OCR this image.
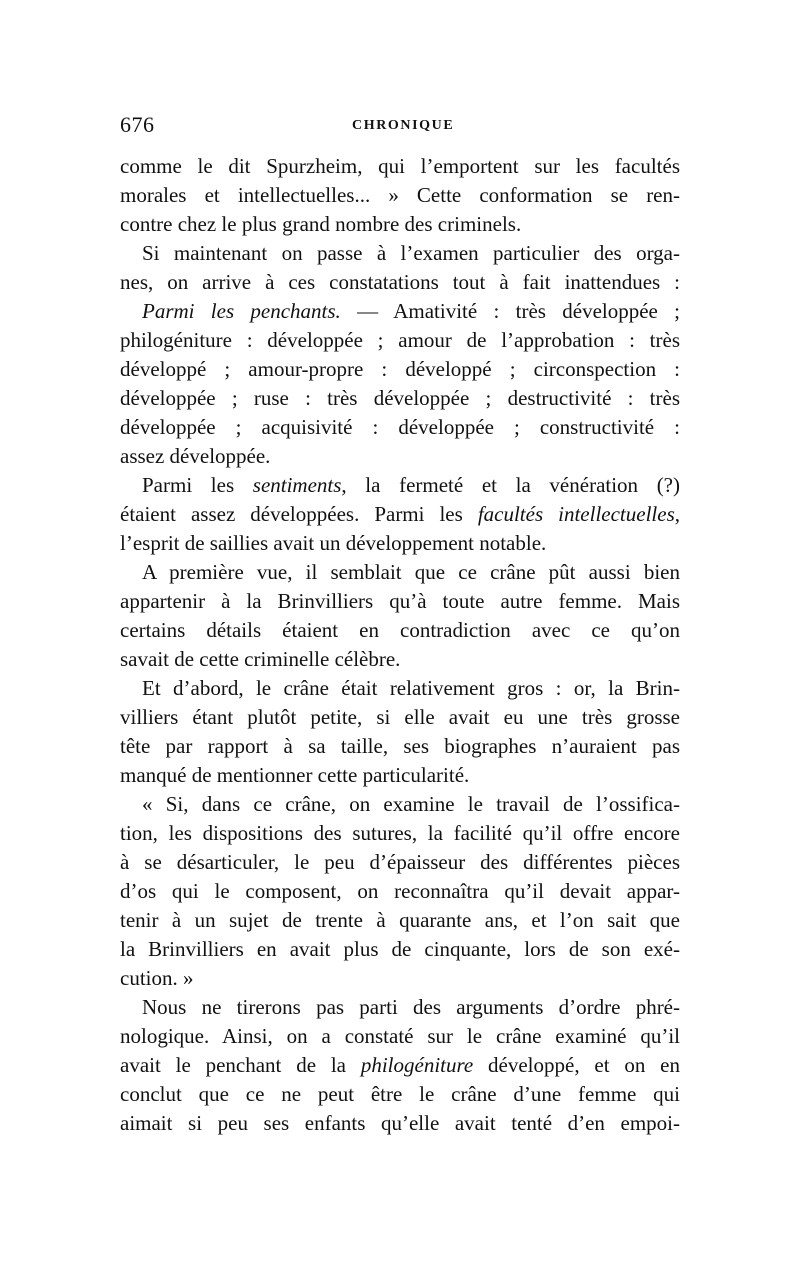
676	CHRONIQUE
comme le dit Spurzheim, qui l’emportent sur les facultés
morales et intellectuelles... » Cette conformation se ren-
contre chez le plus grand nombre des criminels.
Si maintenant on passe à l’examen particulier des orga-
nes, on arrive à ces constatations tout à fait inattendues :
Parmi les penchants. — Amativité : très développée ;
philogéniture : développée ; amour de l’approbation : très
développé ; amour-propre : développé ; circonspection :
développée ; ruse : très développée ; destructivité : très
développée ; acquisivité : développée ; constructivité :
assez développée.
Parmi les sentiments, la fermeté et la vénération (?)
étaient assez développées. Parmi les facultés intellectuelles,
l’esprit de saillies avait un développement notable.
A première vue, il semblait que ce crâne pût aussi bien
appartenir à la Brinvilliers qu’à toute autre femme. Mais
certains détails étaient en contradiction avec ce qu’on
savait de cette criminelle célèbre.
Et d’abord, le crâne était relativement gros : or, la Brin-
villiers étant plutôt petite, si elle avait eu une très grosse
tête par rapport à sa taille, ses biographes n’auraient pas
manqué de mentionner cette particularité.
« Si, dans ce crâne, on examine le travail de l’ossifica-
tion, les dispositions des sutures, la facilité qu’il offre encore
à se désarticuler, le peu d’épaisseur des différentes pièces
d’os qui le composent, on reconnaîtra qu’il devait appar-
tenir à un sujet de trente à quarante ans, et l’on sait que
la Brinvilliers en avait plus de cinquante, lors de son exé-
cution. »
Nous ne tirerons pas parti des arguments d’ordre phré-
nologique. Ainsi, on a constaté sur le crâne examiné qu’il
avait le penchant de la philogéniture développé, et on en
conclut que ce ne peut être le crâne d’une femme qui
aimait si peu ses enfants qu’elle avait tenté d’en empoi-
